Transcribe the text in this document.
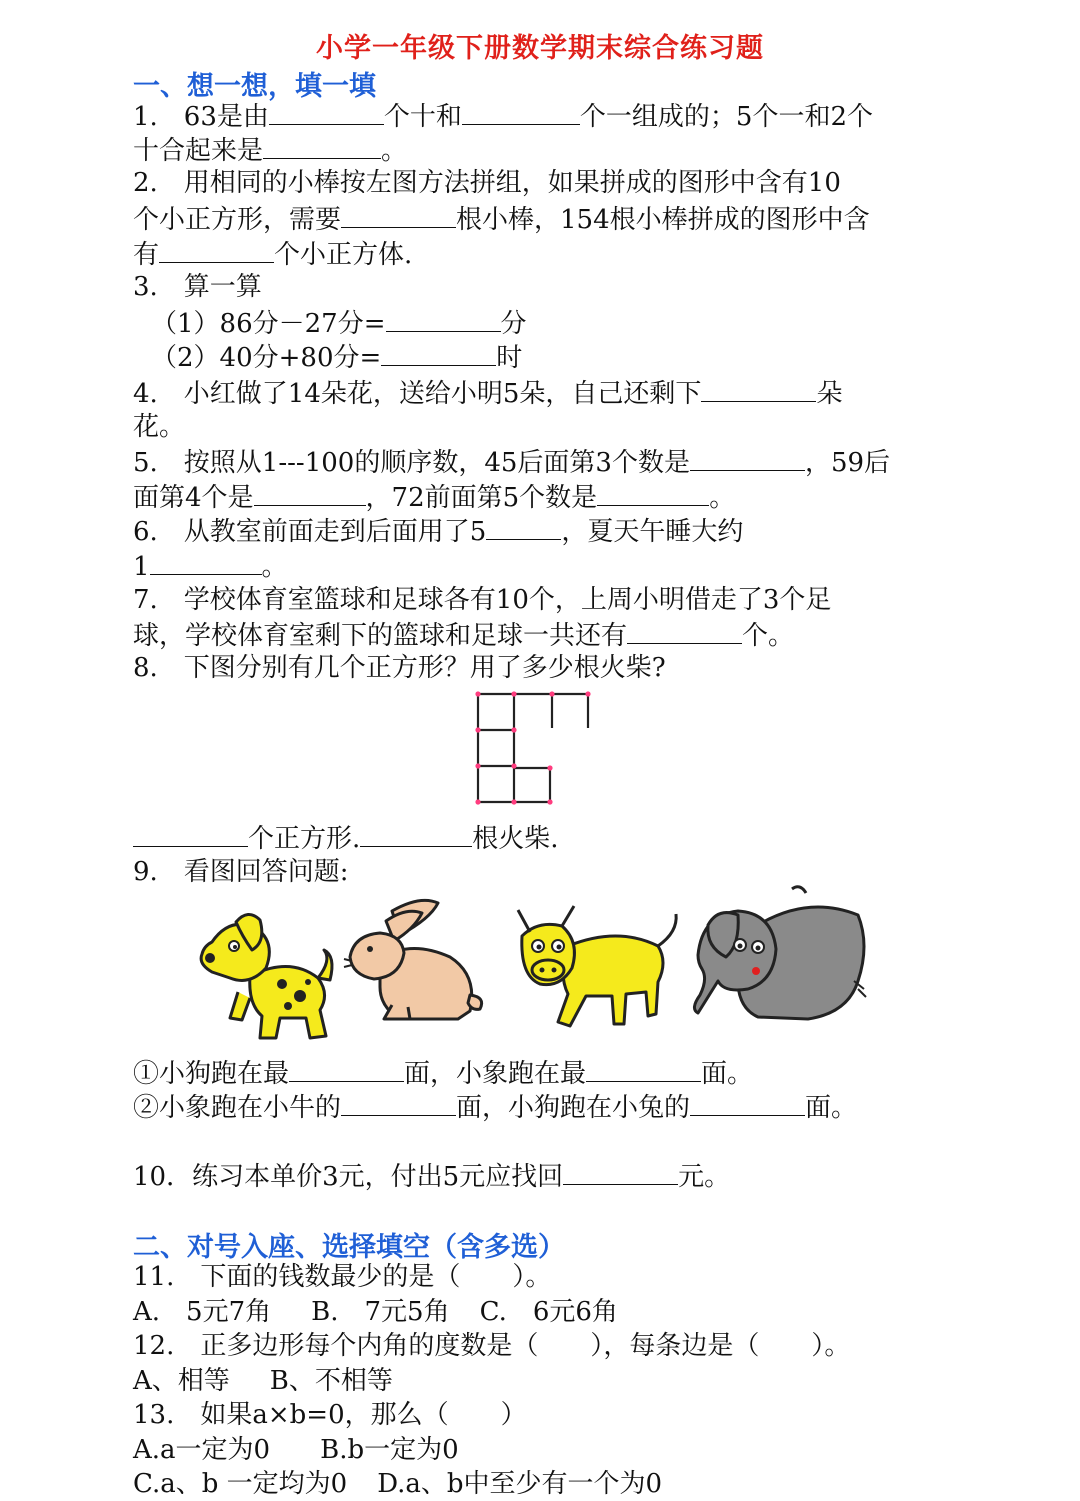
小学一年级下册数学期末综合练习题
一、想一想，填一填
1.　63是由	个十和	个一组成的；5个一和2个
十合起来是	。
2.　用相同的小棒按左图方法拼组，如果拼成的图形中含有10
个小正方形，需要	根小棒，154根小棒拼成的图形中含
有	个小正方体.
3.　算一算
（1）86分－27分=	分
（2）40分+80分=	时
4.　小红做了14朵花，送给小明5朵，自己还剩下	朵
花。
5.　按照从1---100的顺序数，45后面第3个数是	，59后
面第4个是	，72前面第5个数是	。
6.　从教室前面走到后面用了5	，夏天午睡大约
1	。
7.　学校体育室篮球和足球各有10个，上周小明借走了3个足
球，学校体育室剩下的篮球和足球一共还有	个。
8.　下图分别有几个正方形？用了多少根火柴?
个正方形.	根火柴.
9.　看图回答问题:
①小狗跑在最	面，小象跑在最	面。
②小象跑在小牛的	面，小狗跑在小兔的	面。
10．练习本单价3元，付出5元应找回	元。
二、对号入座、选择填空（含多选）
11.　下面的钱数最少的是（　　）。
A.　5元7角 B.　7元5角 C.　6元6角
12.　正多边形每个内角的度数是（　　），每条边是（　　）。
A、相等 B、不相等
13.　如果a×b=0，那么（　　）
A.a一定为0 B.b一定为0
C.a、b 一定均为0 D.a、b中至少有一个为0
